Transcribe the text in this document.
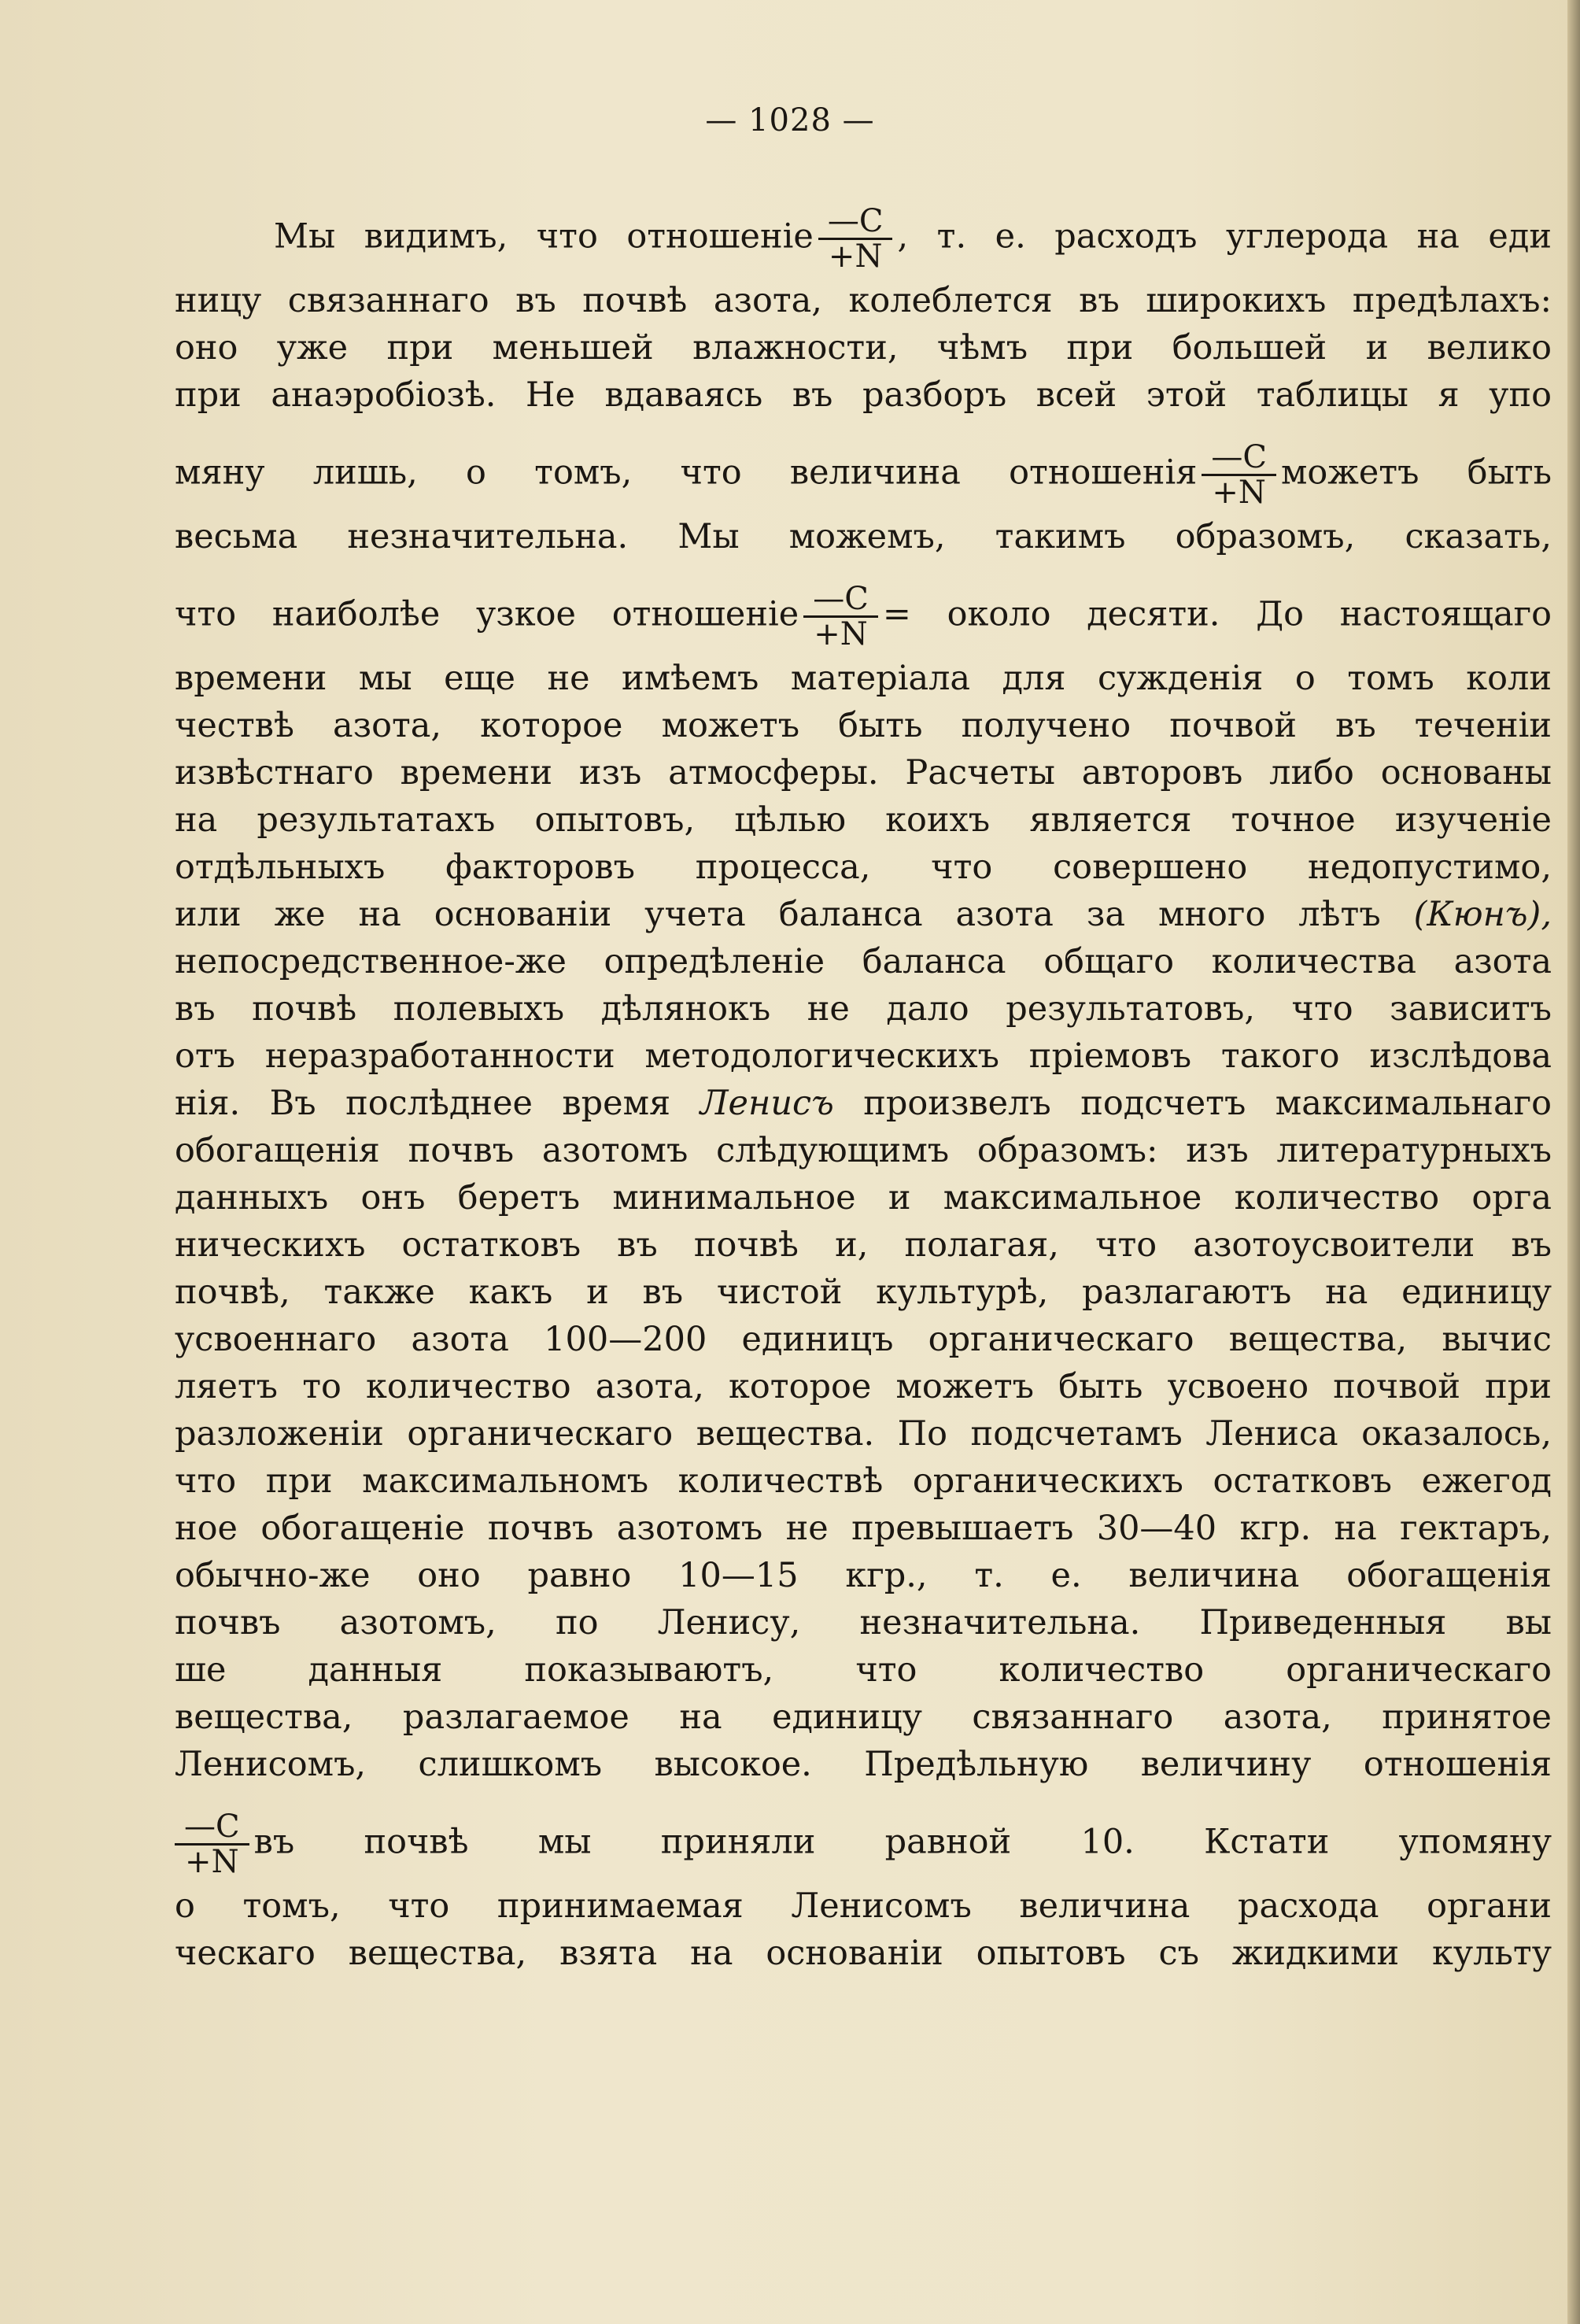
— 1028 —
Мы видимъ, что отношеніе $\frac{—C}{+N}$ , т. е. расходъ углерода на еди
ницу связаннаго въ почвѣ азота, колеблется въ широкихъ предѣлахъ:
оно уже при меньшей влажности, чѣмъ при большей и велико
при анаэробіозѣ. Не вдаваясь въ разборъ всей этой таблицы я упо
мяну лишь, о томъ, что величина отношенія $\frac{—C}{+N}$ можетъ быть
весьма незначительна. Мы можемъ, такимъ образомъ, сказать,
что наиболѣе узкое отношеніе $\frac{—C}{+N}$ = около десяти. До настоящаго
времени мы еще не имѣемъ матеріала для сужденія о томъ коли
чествѣ азота, которое можетъ быть получено почвой въ теченіи
извѣстнаго времени изъ атмосферы. Расчеты авторовъ либо основаны
на результатахъ опытовъ, цѣлью коихъ является точное изученіе
отдѣльныхъ факторовъ процесса, что совершено недопустимо,
или же на основаніи учета баланса азота за много лѣтъ (Кюнъ),
непосредственное-же опредѣленіе баланса общаго количества азота
въ почвѣ полевыхъ дѣлянокъ не дало результатовъ, что зависитъ
отъ неразработанности методологическихъ пріемовъ такого изслѣдова
нія. Въ послѣднее время Ленисъ произвелъ подсчетъ максимальнаго
обогащенія почвъ азотомъ слѣдующимъ образомъ: изъ литературныхъ
данныхъ онъ беретъ минимальное и максимальное количество орга
ническихъ остатковъ въ почвѣ и, полагая, что азотоусвоители въ
почвѣ, также какъ и въ чистой культурѣ, разлагаютъ на единицу
усвоеннаго азота 100—200 единицъ органическаго вещества, вычис
ляетъ то количество азота, которое можетъ быть усвоено почвой при
разложеніи органическаго вещества. По подсчетамъ Лениса оказалось,
что при максимальномъ количествѣ органическихъ остатковъ ежегод
ное обогащеніе почвъ азотомъ не превышаетъ 30—40 кгр. на гектаръ,
обычно-же оно равно 10—15 кгр., т. е. величина обогащенія
почвъ азотомъ, по Ленису, незначительна. Приведенныя вы
ше данныя показываютъ, что количество органическаго
вещества, разлагаемое на единицу связаннаго азота, принятое
Ленисомъ, слишкомъ высокое. Предѣльную величину отношенія
$\frac{—C}{+N}$ въ почвѣ мы приняли равной 10. Кстати упомяну
о томъ, что принимаемая Ленисомъ величина расхода органи
ческаго вещества, взята на основаніи опытовъ съ жидкими культу
